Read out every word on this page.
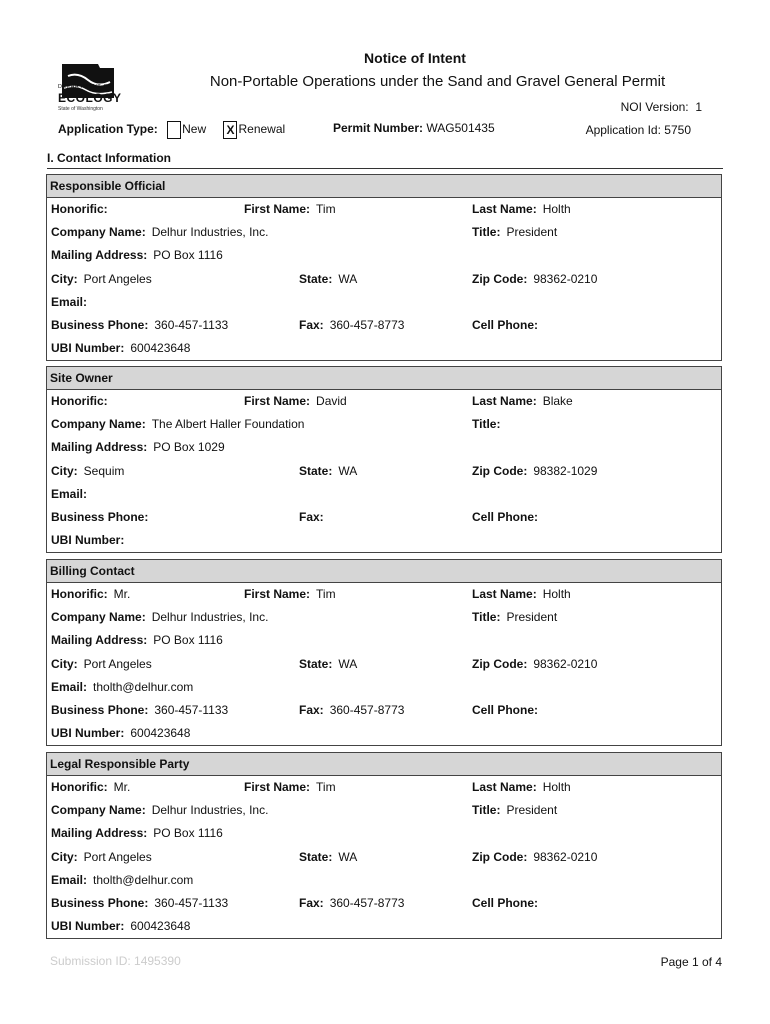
DEPARTMENT OF
ECOLOGY
State of Washington
Notice of Intent
Non-Portable Operations under the Sand and Gravel General Permit
NOI Version: 1
Application Type: New X Renewal	Permit Number: WAG501435	Application Id: 5750
I. Contact Information
Responsible Official
Honorific:	First Name: Tim	Last Name: Holth
Company Name: Delhur Industries, Inc.	Title: President
Mailing Address: PO Box 1116
City: Port Angeles	State: WA	Zip Code: 98362-0210
Email:
Business Phone: 360-457-1133	Fax: 360-457-8773	Cell Phone:
UBI Number: 600423648
Site Owner
Honorific:	First Name: David	Last Name: Blake
Company Name: The Albert Haller Foundation	Title:
Mailing Address: PO Box 1029
City: Sequim	State: WA	Zip Code: 98382-1029
Email:
Business Phone:	Fax:	Cell Phone:
UBI Number:
Billing Contact
Honorific: Mr.	First Name: Tim	Last Name: Holth
Company Name: Delhur Industries, Inc.	Title: President
Mailing Address: PO Box 1116
City: Port Angeles	State: WA	Zip Code: 98362-0210
Email: tholth@delhur.com
Business Phone: 360-457-1133	Fax: 360-457-8773	Cell Phone:
UBI Number: 600423648
Legal Responsible Party
Honorific: Mr.	First Name: Tim	Last Name: Holth
Company Name: Delhur Industries, Inc.	Title: President
Mailing Address: PO Box 1116
City: Port Angeles	State: WA	Zip Code: 98362-0210
Email: tholth@delhur.com
Business Phone: 360-457-1133	Fax: 360-457-8773	Cell Phone:
UBI Number: 600423648
Submission ID: 1495390	Page 1 of 4
